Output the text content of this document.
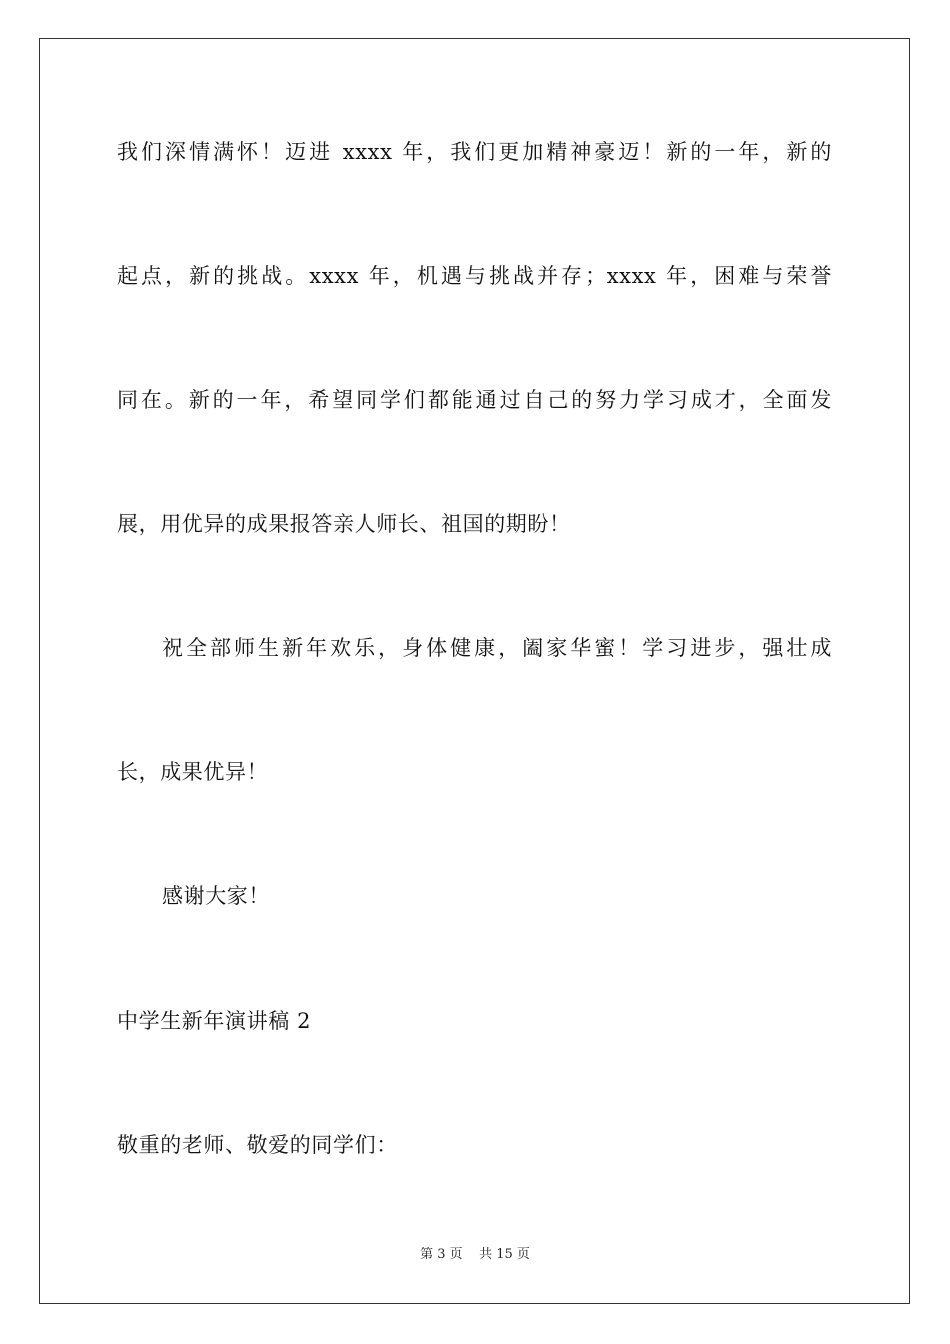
我们深情满怀！迈进 xxxx 年，我们更加精神豪迈！新的一年，新的
起点，新的挑战。xxxx 年，机遇与挑战并存；xxxx 年，困难与荣誉
同在。新的一年，希望同学们都能通过自己的努力学习成才，全面发
展，用优异的成果报答亲人师长、祖国的期盼！
祝全部师生新年欢乐，身体健康，阖家华蜜！学习进步，强壮成
长，成果优异！
感谢大家！
中学生新年演讲稿 2
敬重的老师、敬爱的同学们：
第 3 页    共 15 页
